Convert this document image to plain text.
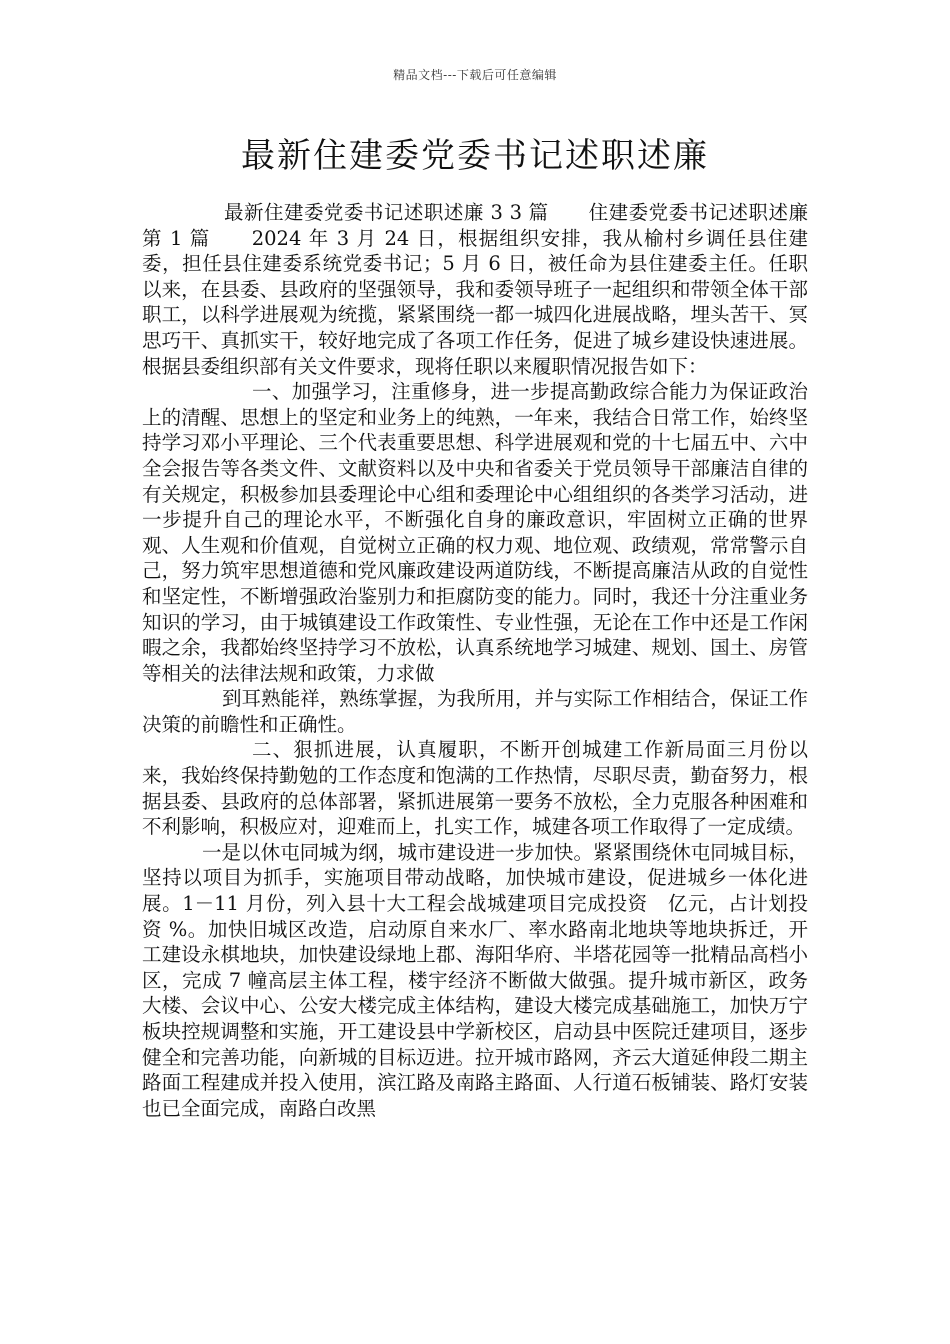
精品文档---下载后可任意编辑
最新住建委党委书记述职述廉

最新住建委党委书记述职述廉 3 3 篇　　住建委党委书记述职述廉第 1 篇　　2024 年 3 月 24 日，根据组织安排，我从榆村乡调任县住建委，担任县住建委系统党委书记；5 月 6 日，被任命为县住建委主任。任职以来，在县委、县政府的坚强领导，我和委领导班子一起组织和带领全体干部职工，以科学进展观为统揽，紧紧围绕一都一城四化进展战略，埋头苦干、冥思巧干、真抓实干，较好地完成了各项工作任务，促进了城乡建设快速进展。根据县委组织部有关文件要求，现将任职以来履职情况报告如下：

一、加强学习，注重修身，进一步提高勤政综合能力为保证政治上的清醒、思想上的坚定和业务上的纯熟，一年来，我结合日常工作，始终坚持学习邓小平理论、三个代表重要思想、科学进展观和党的十七届五中、六中全会报告等各类文件、文献资料以及中央和省委关于党员领导干部廉洁自律的有关规定，积极参加县委理论中心组和委理论中心组组织的各类学习活动，进一步提升自己的理论水平，不断强化自身的廉政意识，牢固树立正确的世界观、人生观和价值观，自觉树立正确的权力观、地位观、政绩观，常常警示自己，努力筑牢思想道德和党风廉政建设两道防线，不断提高廉洁从政的自觉性和坚定性，不断增强政治鉴别力和拒腐防变的能力。同时，我还十分注重业务知识的学习，由于城镇建设工作政策性、专业性强，无论在工作中还是工作闲暇之余，我都始终坚持学习不放松，认真系统地学习城建、规划、国土、房管等相关的法律法规和政策，力求做

到耳熟能祥，熟练掌握，为我所用，并与实际工作相结合，保证工作决策的前瞻性和正确性。

二、狠抓进展，认真履职，不断开创城建工作新局面三月份以来，我始终保持勤勉的工作态度和饱满的工作热情，尽职尽责，勤奋努力，根据县委、县政府的总体部署，紧抓进展第一要务不放松，全力克服各种困难和不利影响，积极应对，迎难而上，扎实工作，城建各项工作取得了一定成绩。

一是以休屯同城为纲，城市建设进一步加快。紧紧围绕休屯同城目标，坚持以项目为抓手，实施项目带动战略，加快城市建设，促进城乡一体化进展。1－11 月份，列入县十大工程会战城建项目完成投资　亿元，占计划投资 %。加快旧城区改造，启动原自来水厂、率水路南北地块等地块拆迁，开工建设永棋地块，加快建设绿地上郡、海阳华府、半塔花园等一批精品高档小区，完成 7 幢高层主体工程，楼宇经济不断做大做强。提升城市新区，政务大楼、会议中心、公安大楼完成主体结构，建设大楼完成基础施工，加快万宁板块控规调整和实施，开工建设县中学新校区，启动县中医院迁建项目，逐步健全和完善功能，向新城的目标迈进。拉开城市路网，齐云大道延伸段二期主路面工程建成并投入使用，滨江路及南路主路面、人行道石板铺装、路灯安装也已全面完成，南路白改黑
